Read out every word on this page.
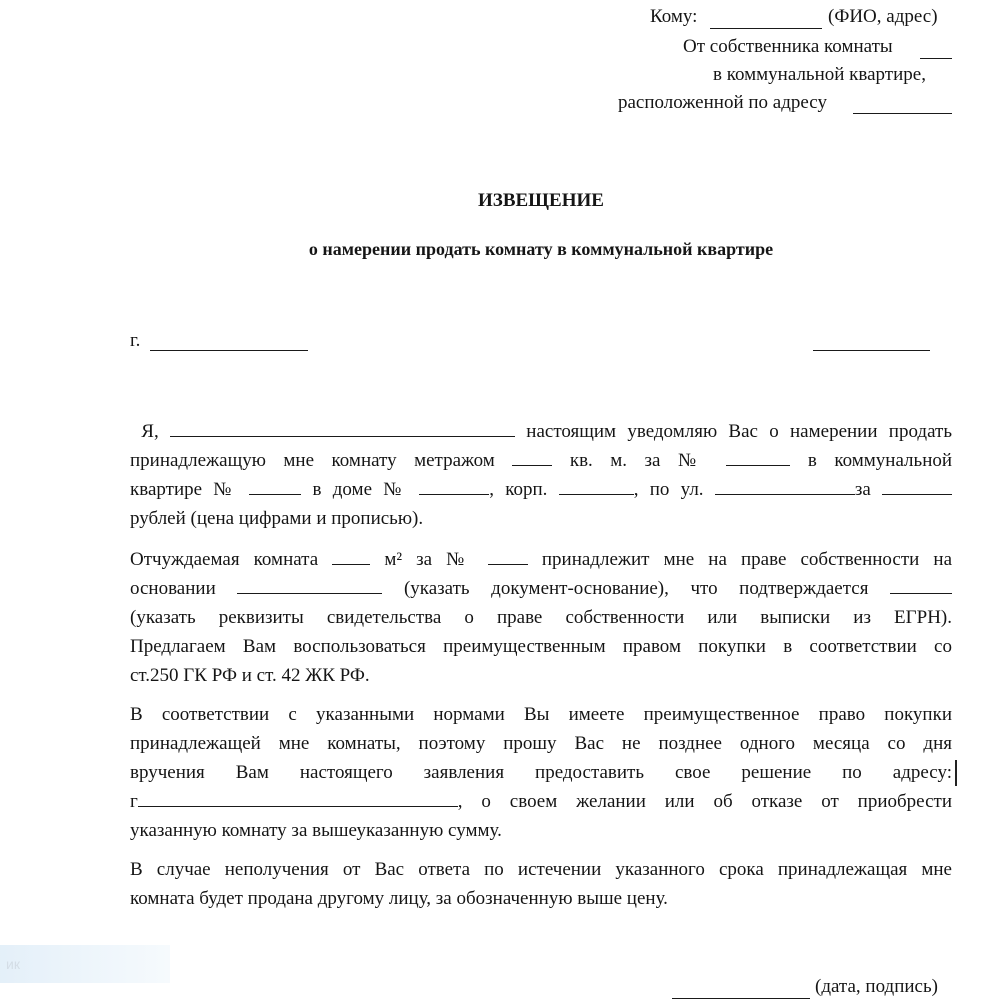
Кому:	(ФИО, адрес)
От собственника комнаты
в коммунальной квартире,
расположенной по адресу
ИЗВЕЩЕНИЕ
о намерении продать комнату в коммунальной квартире
г.
Я,	настоящим уведомляю Вас о намерении продать
принадлежащую мне комнату метражом	кв. м. за №	в коммунальной
квартире №	в доме №	, корп.	, по ул.	за
рублей (цена цифрами и прописью).
Отчуждаемая комната	м² за №	принадлежит мне на праве собственности на
основании	(указать документ-основание), что подтверждается
(указать реквизиты свидетельства о праве собственности или выписки из ЕГРН).
Предлагаем Вам воспользоваться преимущественным правом покупки в соответствии со
ст.250 ГК РФ и ст. 42 ЖК РФ.
В соответствии с указанными нормами Вы имеете преимущественное право покупки
принадлежащей мне комнаты, поэтому прошу Вас не позднее одного месяца со дня
вручения Вам настоящего заявления предоставить свое решение по адресу:
г	, о своем желании или об отказе от приобрести
указанную комнату за вышеуказанную сумму.
В случае неполучения от Вас ответа по истечении указанного срока принадлежащая мне
комната будет продана другому лицу, за обозначенную выше цену.
(дата, подпись)
ик
